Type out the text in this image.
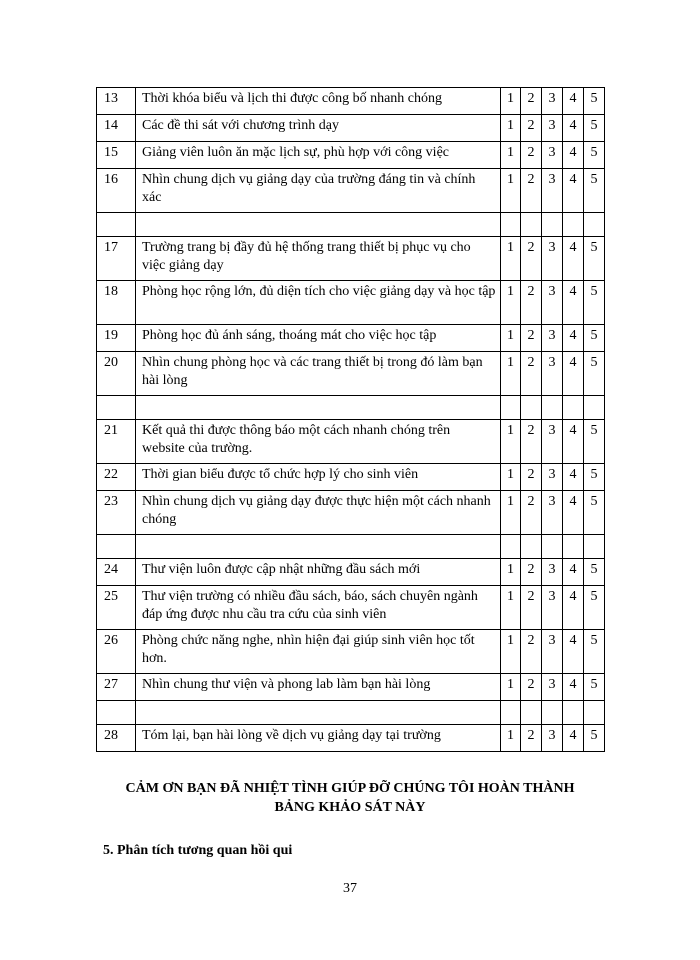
13	Thời khóa biểu và lịch thi được công bố nhanh chóng	1	2	3	4	5
14	Các đề thi sát với chương trình dạy	1	2	3	4	5
15	Giảng viên luôn ăn mặc lịch sự, phù hợp với công việc	1	2	3	4	5
16	Nhìn chung dịch vụ giảng dạy của trường đáng tin và chính xác	1	2	3	4	5

17	Trường trang bị đầy đủ hệ thống trang thiết bị phục vụ cho việc giảng dạy	1	2	3	4	5
18	Phòng học rộng lớn, đủ diện tích cho việc giảng dạy và học tập	1	2	3	4	5
19	Phòng học đủ ánh sáng, thoáng mát cho việc học tập	1	2	3	4	5
20	Nhìn chung phòng học và các trang thiết bị trong đó làm bạn hài lòng	1	2	3	4	5

21	Kết quả thi được thông báo một cách nhanh chóng trên website của trường.	1	2	3	4	5
22	Thời gian biểu được tổ chức hợp lý cho sinh viên	1	2	3	4	5
23	Nhìn chung dịch vụ giảng dạy được thực hiện một cách nhanh chóng	1	2	3	4	5

24	Thư viện luôn được cập nhật những đầu sách mới	1	2	3	4	5
25	Thư viện trường có nhiều đầu sách, báo, sách chuyên ngành đáp ứng được nhu cầu tra cứu của sinh viên	1	2	3	4	5
26	Phòng chức năng nghe, nhìn hiện đại giúp sinh viên học tốt hơn.	1	2	3	4	5
27	Nhìn chung thư viện và phong lab làm bạn hài lòng	1	2	3	4	5

28	Tóm lại, bạn hài lòng về dịch vụ giảng dạy tại trường	1	2	3	4	5
CẢM ƠN BẠN ĐÃ NHIỆT TÌNH GIÚP ĐỠ CHÚNG TÔI HOÀN THÀNH
BẢNG KHẢO SÁT NÀY
5. Phân tích tương quan hồi qui
37
